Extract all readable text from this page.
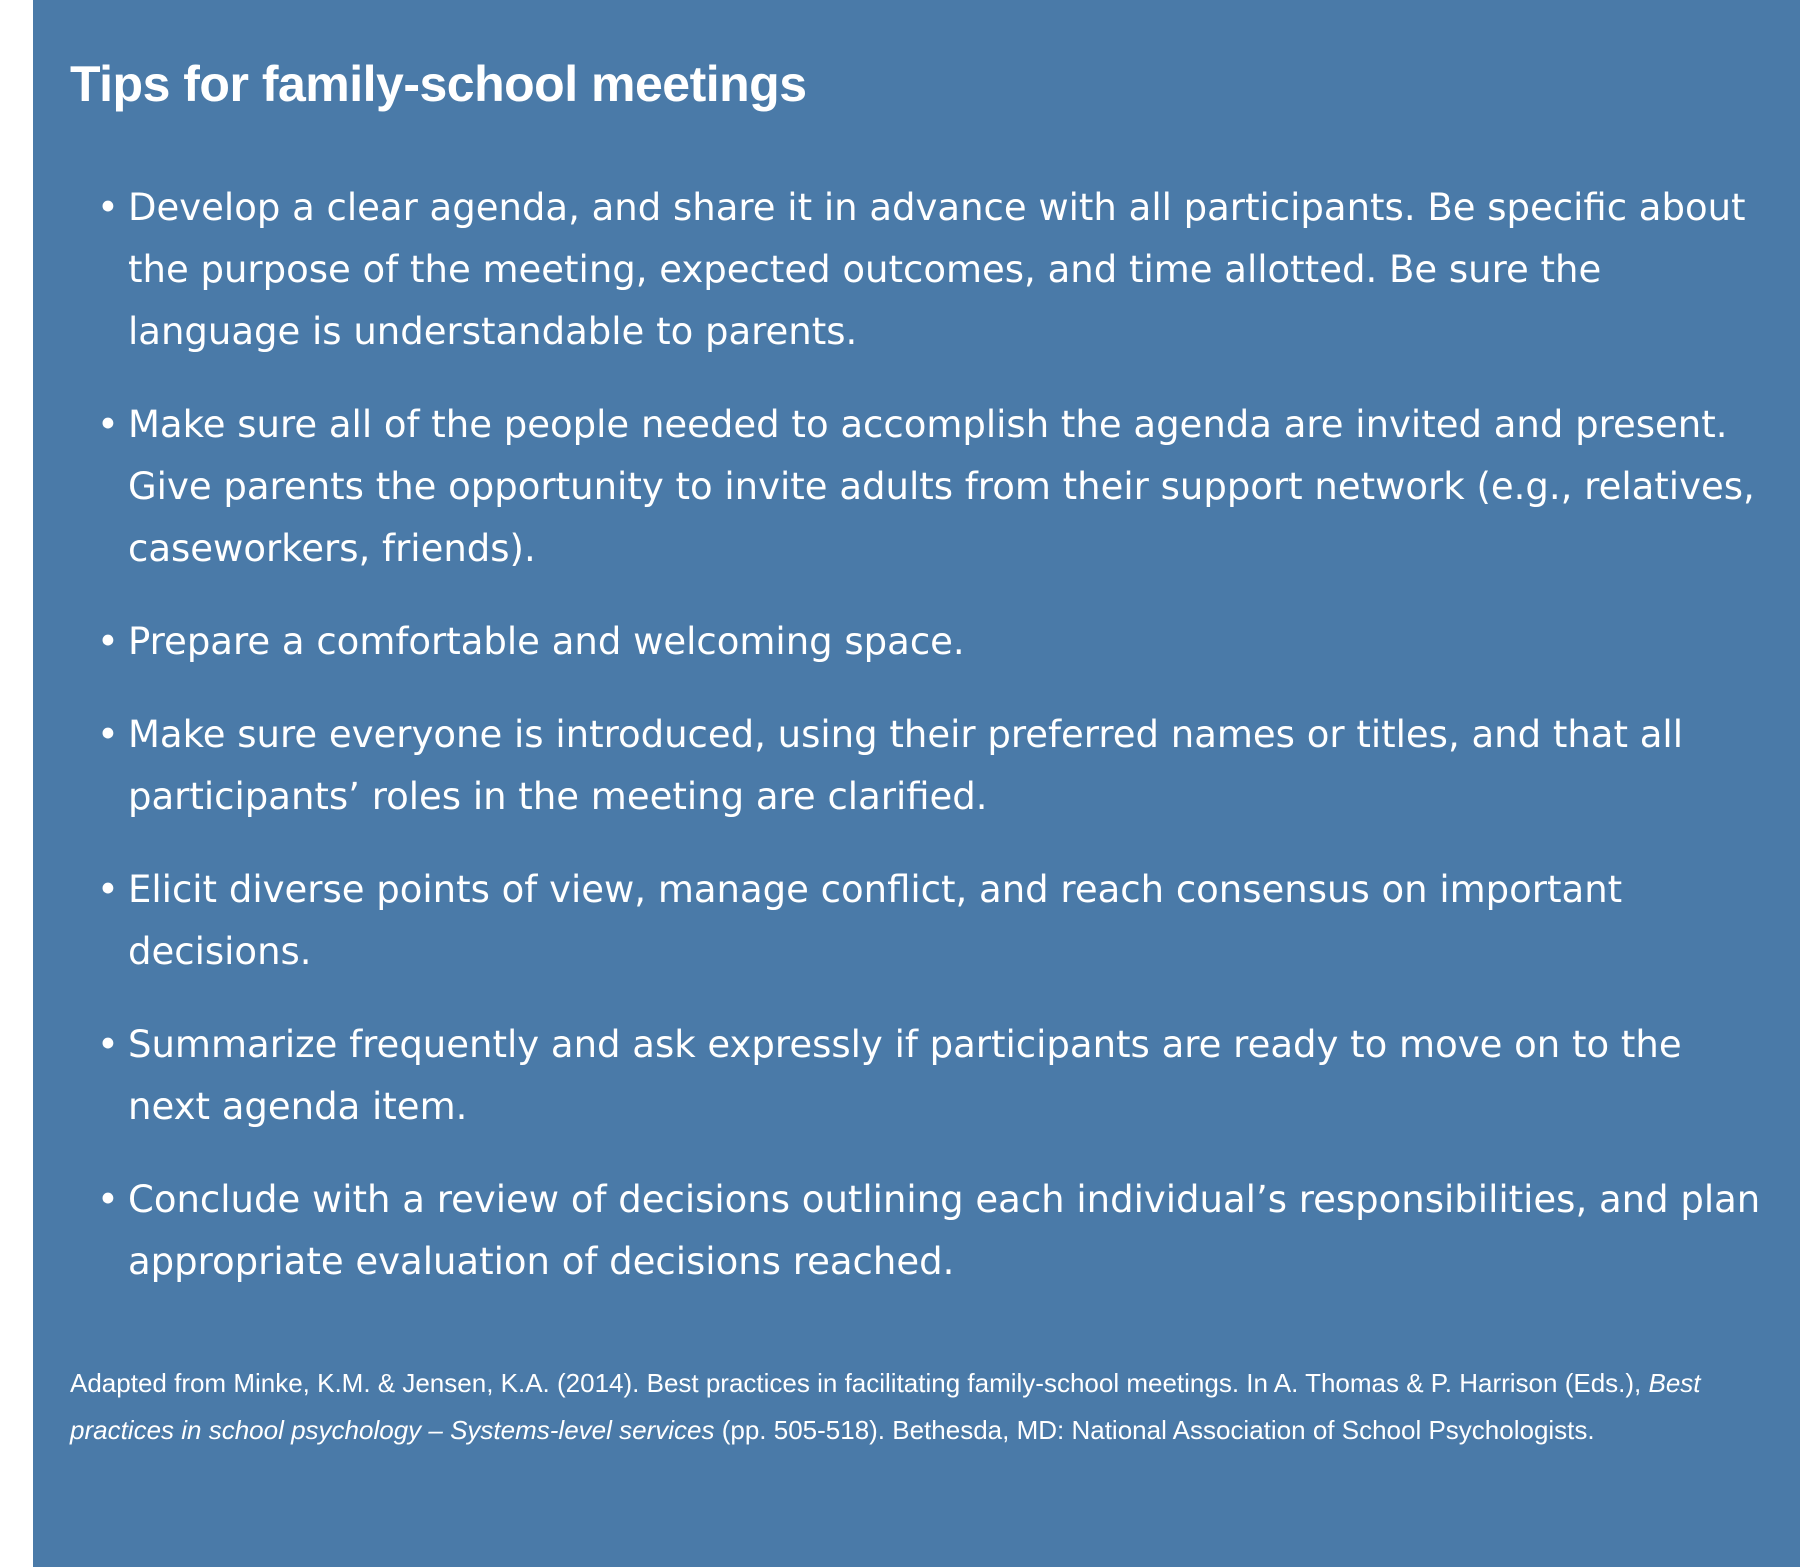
Tips for family-school meetings
• Develop a clear agenda, and share it in advance with all participants. Be specific about the purpose of the meeting, expected outcomes, and time allotted. Be sure the language is understandable to parents.
• Make sure all of the people needed to accomplish the agenda are invited and present. Give parents the opportunity to invite adults from their support network (e.g., relatives, caseworkers, friends).
• Prepare a comfortable and welcoming space.
• Make sure everyone is introduced, using their preferred names or titles, and that all participants’ roles in the meeting are clarified.
• Elicit diverse points of view, manage conflict, and reach consensus on important decisions.
• Summarize frequently and ask expressly if participants are ready to move on to the next agenda item.
• Conclude with a review of decisions outlining each individual’s responsibilities, and plan appropriate evaluation of decisions reached.

Adapted from Minke, K.M. & Jensen, K.A. (2014). Best practices in facilitating family-school meetings. In A. Thomas & P. Harrison (Eds.), Best practices in school psychology – Systems-level services (pp. 505-518). Bethesda, MD: National Association of School Psychologists.
